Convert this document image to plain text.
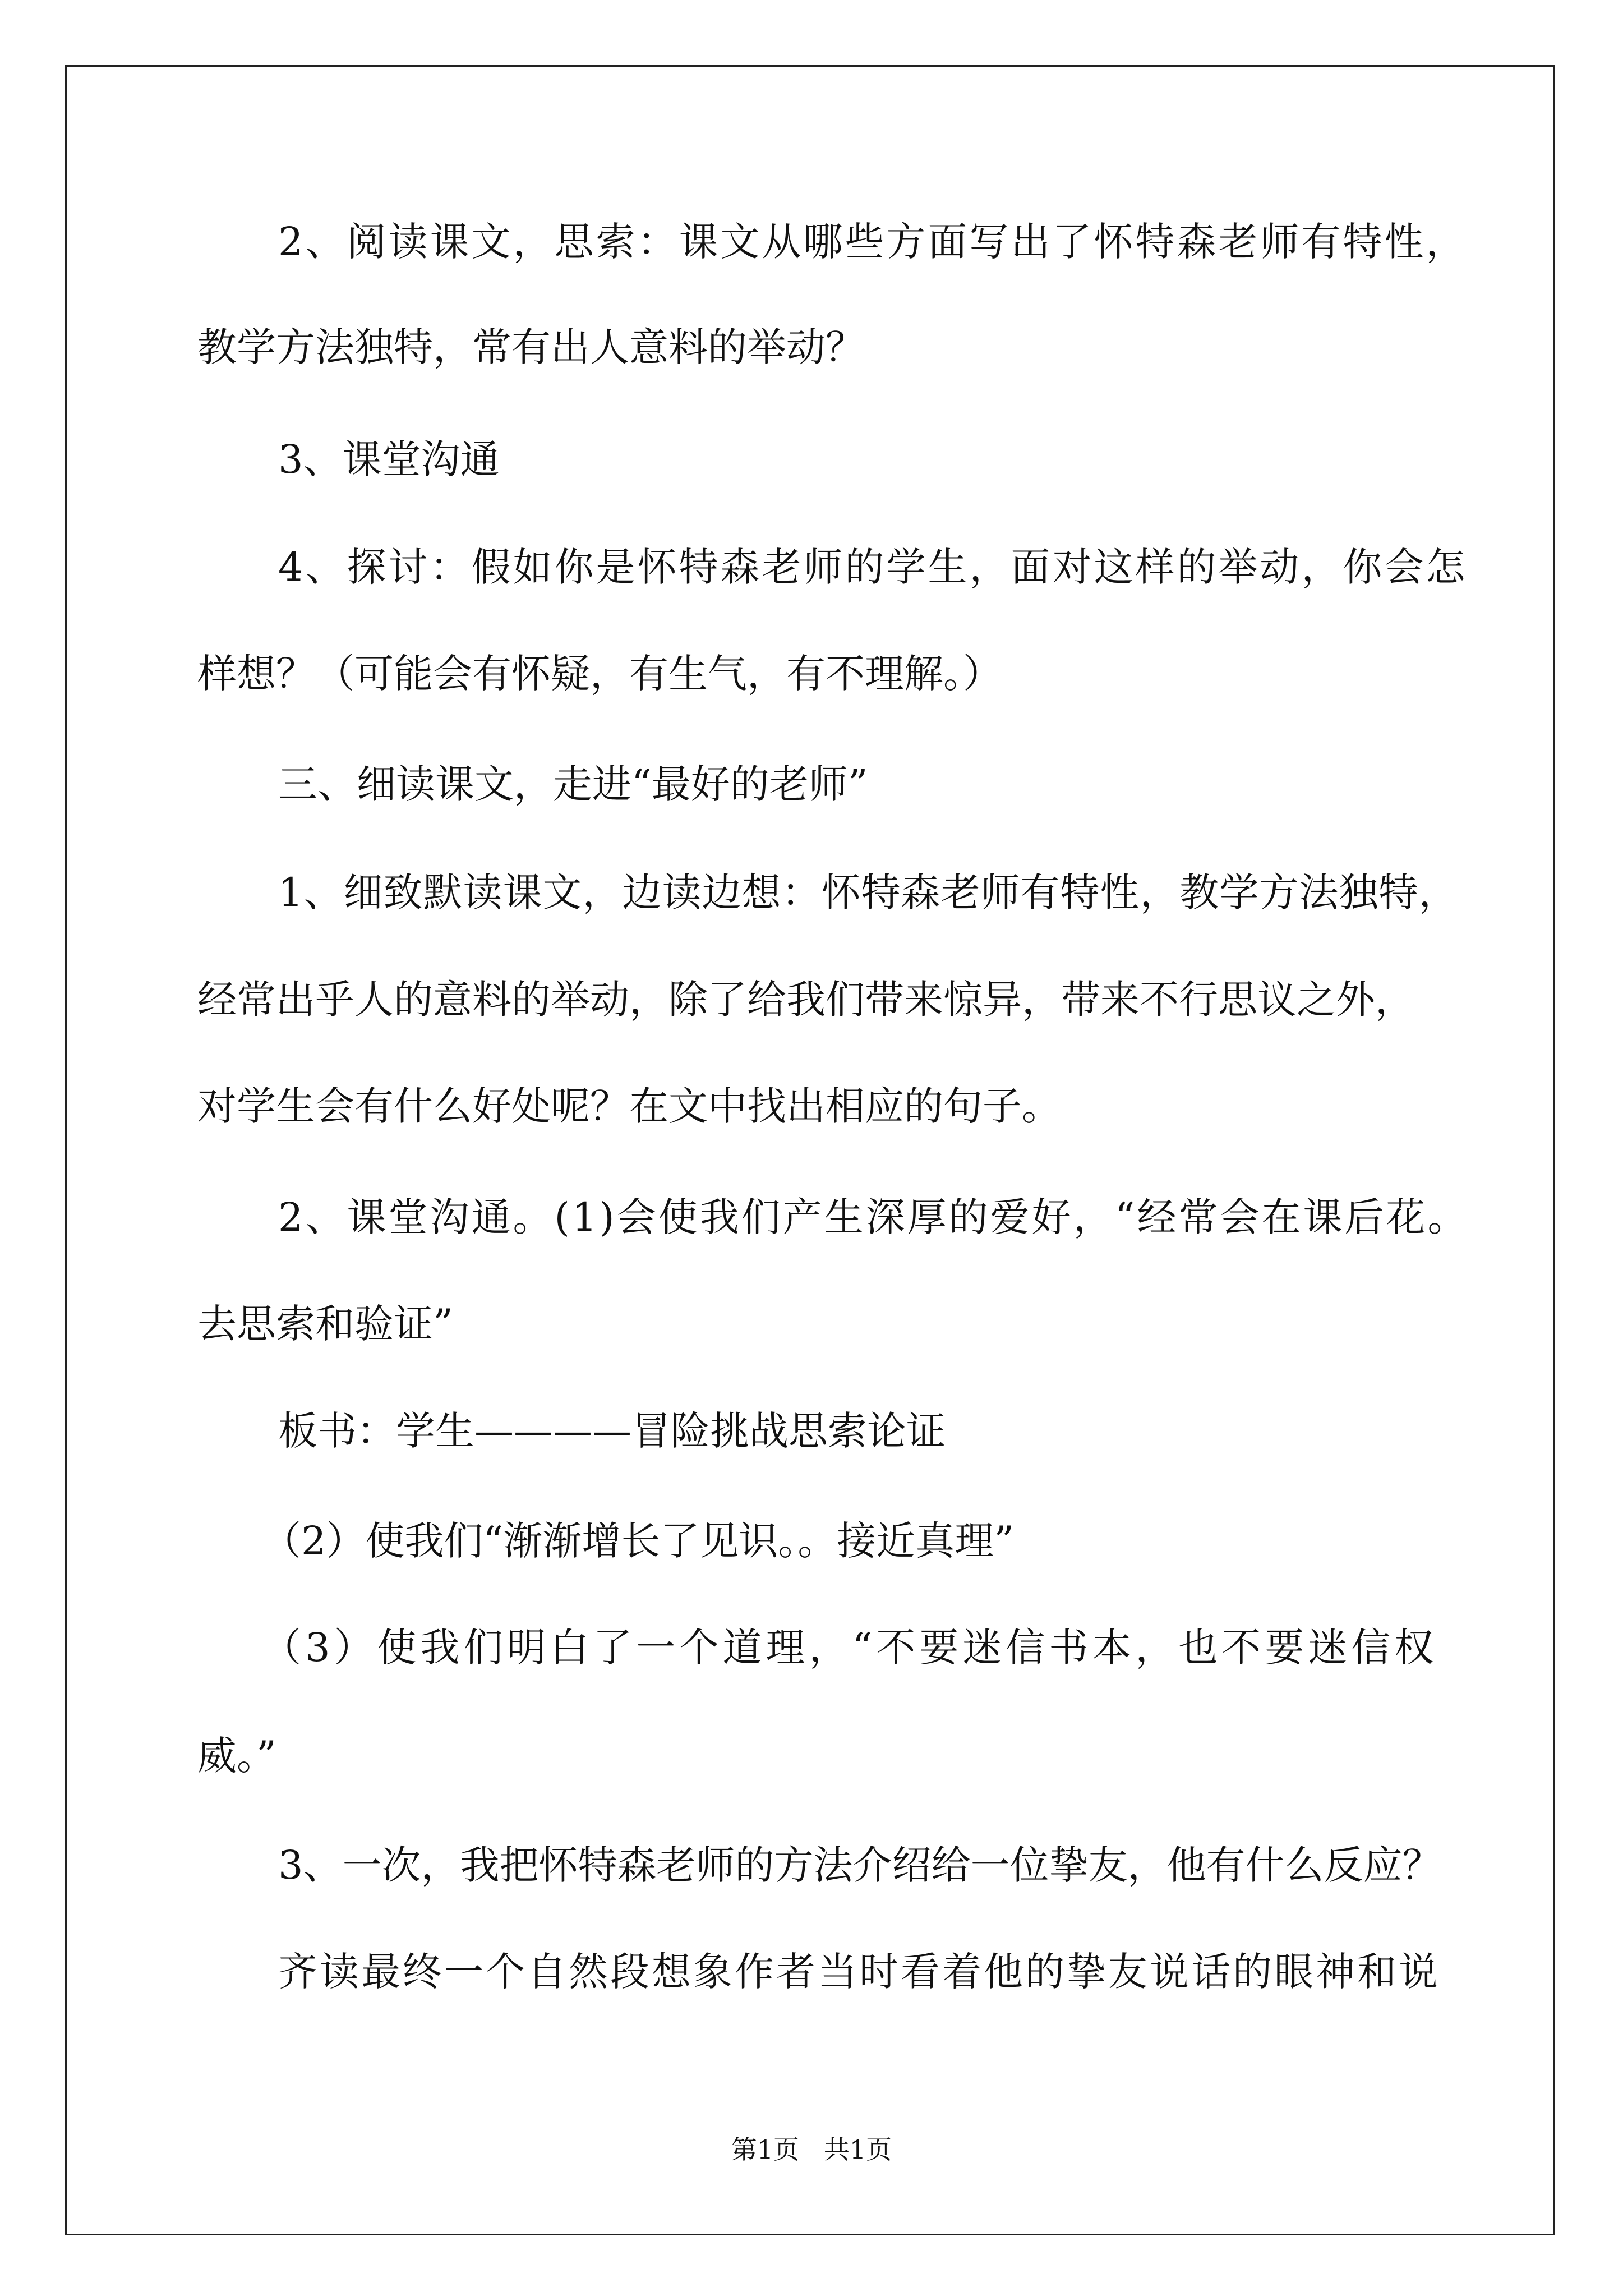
2、阅读课文，思索：课文从哪些方面写出了怀特森老师有特性，
教学方法独特，常有出人意料的举动？
3、课堂沟通
4、探讨：假如你是怀特森老师的学生，面对这样的举动，你会怎
样想？（可能会有怀疑，有生气，有不理解。）
三、细读课文，走进“最好的老师”
1、细致默读课文，边读边想：怀特森老师有特性，教学方法独特，
经常出乎人的意料的举动，除了给我们带来惊异，带来不行思议之外，
对学生会有什么好处呢？在文中找出相应的句子。
2、课堂沟通。(1)会使我们产生深厚的爱好，“经常会在课后花。
去思索和验证”
板书：学生————冒险挑战思索论证
（2）使我们“渐渐增长了见识。。接近真理”
（3）使我们明白了一个道理，“不要迷信书本，也不要迷信权
威。”
3、一次，我把怀特森老师的方法介绍给一位挚友，他有什么反应？
齐读最终一个自然段想象作者当时看着他的挚友说话的眼神和说
第1页   共1页
